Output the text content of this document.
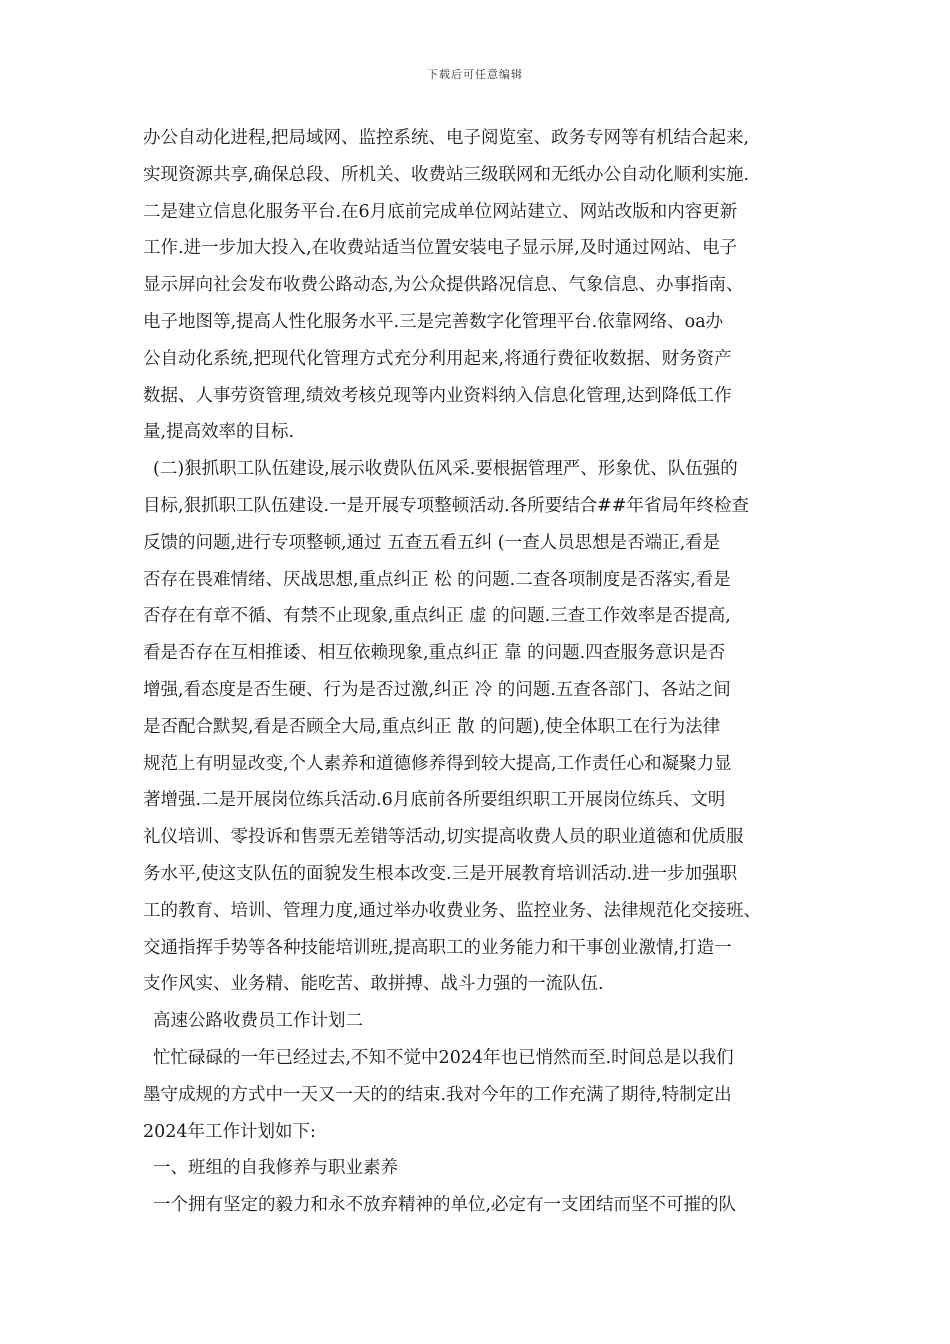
下载后可任意编辑
办公自动化进程,把局域网、监控系统、电子阅览室、政务专网等有机结合起来,
实现资源共享,确保总段、所机关、收费站三级联网和无纸办公自动化顺利实施.
二是建立信息化服务平台.在6月底前完成单位网站建立、网站改版和内容更新
工作.进一步加大投入,在收费站适当位置安装电子显示屏,及时通过网站、电子
显示屏向社会发布收费公路动态,为公众提供路况信息、气象信息、办事指南、
电子地图等,提高人性化服务水平.三是完善数字化管理平台.依靠网络、oa办
公自动化系统,把现代化管理方式充分利用起来,将通行费征收数据、财务资产
数据、人事劳资管理,绩效考核兑现等内业资料纳入信息化管理,达到降低工作
量,提高效率的目标.
(二)狠抓职工队伍建设,展示收费队伍风采.要根据管理严、形象优、队伍强的
目标,狠抓职工队伍建设.一是开展专项整顿活动.各所要结合##年省局年终检查
反馈的问题,进行专项整顿,通过 五查五看五纠 (一查人员思想是否端正,看是
否存在畏难情绪、厌战思想,重点纠正 松 的问题.二查各项制度是否落实,看是
否存在有章不循、有禁不止现象,重点纠正 虚 的问题.三查工作效率是否提高,
看是否存在互相推诿、相互依赖现象,重点纠正 靠 的问题.四查服务意识是否
增强,看态度是否生硬、行为是否过激,纠正 冷 的问题.五查各部门、各站之间
是否配合默契,看是否顾全大局,重点纠正 散 的问题),使全体职工在行为法律
规范上有明显改变,个人素养和道德修养得到较大提高,工作责任心和凝聚力显
著增强.二是开展岗位练兵活动.6月底前各所要组织职工开展岗位练兵、文明
礼仪培训、零投诉和售票无差错等活动,切实提高收费人员的职业道德和优质服
务水平,使这支队伍的面貌发生根本改变.三是开展教育培训活动.进一步加强职
工的教育、培训、管理力度,通过举办收费业务、监控业务、法律规范化交接班、
交通指挥手势等各种技能培训班,提高职工的业务能力和干事创业激情,打造一
支作风实、业务精、能吃苦、敢拼搏、战斗力强的一流队伍.
高速公路收费员工作计划二
忙忙碌碌的一年已经过去,不知不觉中2024年也已悄然而至.时间总是以我们
墨守成规的方式中一天又一天的的结束.我对今年的工作充满了期待,特制定出
2024年工作计划如下:
一、班组的自我修养与职业素养
一个拥有坚定的毅力和永不放弃精神的单位,必定有一支团结而坚不可摧的队
